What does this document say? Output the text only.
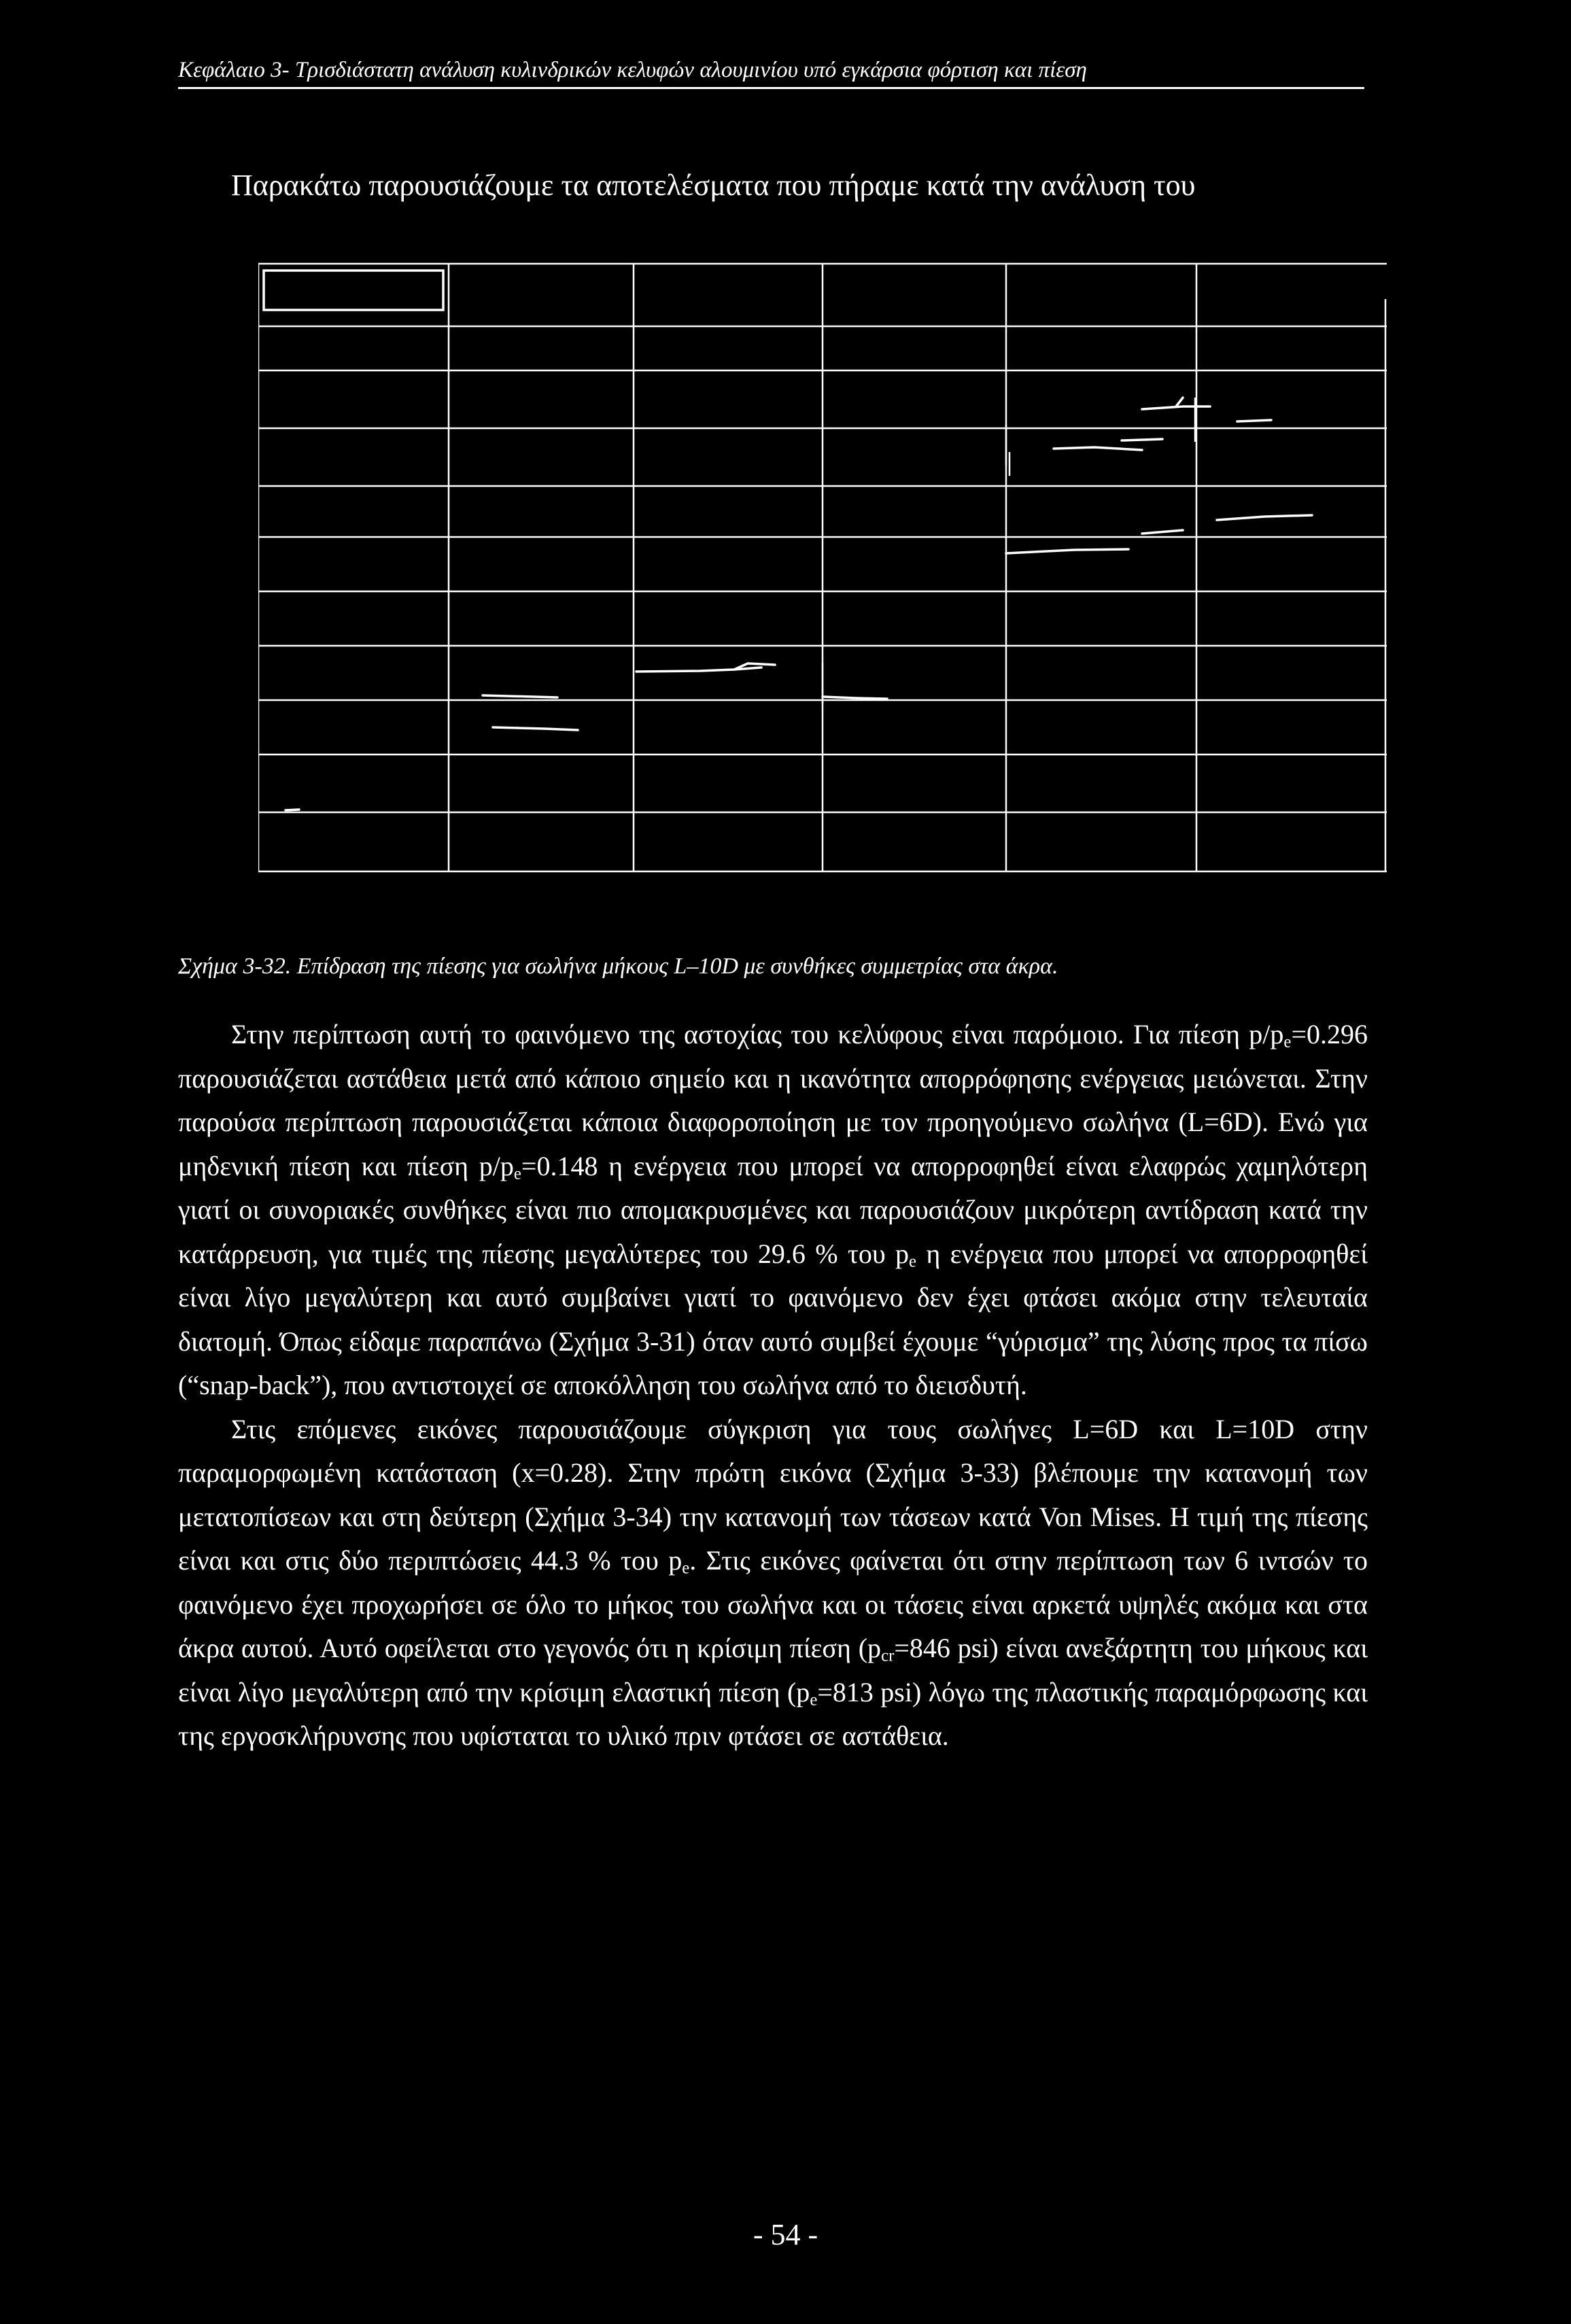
Κεφάλαιο 3- Τρισδιάστατη ανάλυση κυλινδρικών κελυφών αλουμινίου υπό εγκάρσια φόρτιση και πίεση
Παρακάτω παρουσιάζουμε τα αποτελέσματα που πήραμε κατά την ανάλυση του
Σχήμα 3-32. Επίδραση της πίεσης για σωλήνα μήκους L–10D με συνθήκες συμμετρίας στα άκρα.

Στην περίπτωση αυτή το φαινόμενο της αστοχίας του κελύφους είναι παρόμοιο. Για πίεση $p/p_e=0.296$ παρουσιάζεται αστάθεια μετά από κάποιο σημείο και η ικανότητα απορρόφησης ενέργειας μειώνεται. Στην παρούσα περίπτωση παρουσιάζεται κάποια διαφοροποίηση με τον προηγούμενο σωλήνα (L=6D). Ενώ για μηδενική πίεση και πίεση $p/p_e=0.148$ η ενέργεια που μπορεί να απορροφηθεί είναι ελαφρώς χαμηλότερη γιατί οι συνοριακές συνθήκες είναι πιο απομακρυσμένες και παρουσιάζουν μικρότερη αντίδραση κατά την κατάρρευση, για τιμές της πίεσης μεγαλύτερες του 29.6 % του $p_e$ η ενέργεια που μπορεί να απορροφηθεί είναι λίγο μεγαλύτερη και αυτό συμβαίνει γιατί το φαινόμενο δεν έχει φτάσει ακόμα στην τελευταία διατομή. Όπως είδαμε παραπάνω (Σχήμα 3-31) όταν αυτό συμβεί έχουμε “γύρισμα” της λύσης προς τα πίσω (“snap-back”), που αντιστοιχεί σε αποκόλληση του σωλήνα από το διεισδυτή.

Στις επόμενες εικόνες παρουσιάζουμε σύγκριση για τους σωλήνες L=6D και L=10D στην παραμορφωμένη κατάσταση (x=0.28). Στην πρώτη εικόνα (Σχήμα 3-33) βλέπουμε την κατανομή των μετατοπίσεων και στη δεύτερη (Σχήμα 3-34) την κατανομή των τάσεων κατά Von Mises. Η τιμή της πίεσης είναι και στις δύο περιπτώσεις 44.3 % του $p_e$. Στις εικόνες φαίνεται ότι στην περίπτωση των 6 ιντσών το φαινόμενο έχει προχωρήσει σε όλο το μήκος του σωλήνα και οι τάσεις είναι αρκετά υψηλές ακόμα και στα άκρα αυτού. Αυτό οφείλεται στο γεγονός ότι η κρίσιμη πίεση ($p_{cr}=846$ psi) είναι ανεξάρτητη του μήκους και είναι λίγο μεγαλύτερη από την κρίσιμη ελαστική πίεση ($p_e=813$ psi) λόγω της πλαστικής παραμόρφωσης και της εργοσκλήρυνσης που υφίσταται το υλικό πριν φτάσει σε αστάθεια.

- 54 -
